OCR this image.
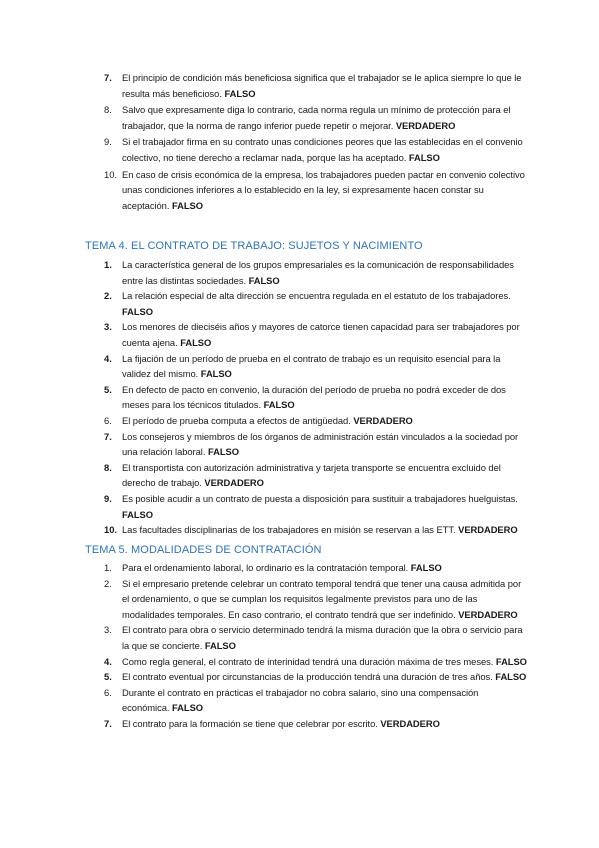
7. El principio de condición más beneficiosa significa que el trabajador se le aplica siempre lo que le resulta más beneficioso. FALSO
8. Salvo que expresamente diga lo contrario, cada norma regula un mínimo de protección para el trabajador, que la norma de rango inferior puede repetir o mejorar. VERDADERO
9. Si el trabajador firma en su contrato unas condiciones peores que las establecidas en el convenio colectivo, no tiene derecho a reclamar nada, porque las ha aceptado. FALSO
10. En caso de crisis económica de la empresa, los trabajadores pueden pactar en convenio colectivo unas condiciones inferiores a lo establecido en la ley, si expresamente hacen constar su aceptación. FALSO
TEMA 4. EL CONTRATO DE TRABAJO: SUJETOS Y NACIMIENTO
1. La característica general de los grupos empresariales es la comunicación de responsabilidades entre las distintas sociedades. FALSO
2. La relación especial de alta dirección se encuentra regulada en el estatuto de los trabajadores. FALSO
3. Los menores de dieciséis años y mayores de catorce tienen capacidad para ser trabajadores por cuenta ajena. FALSO
4. La fijación de un período de prueba en el contrato de trabajo es un requisito esencial para la validez del mismo. FALSO
5. En defecto de pacto en convenio, la duración del período de prueba no podrá exceder de dos meses para los técnicos titulados. FALSO
6. El período de prueba computa a efectos de antigüedad. VERDADERO
7. Los consejeros y miembros de los órganos de administración están vinculados a la sociedad por una relación laboral. FALSO
8. El transportista con autorización administrativa y tarjeta transporte se encuentra excluido del derecho de trabajo. VERDADERO
9. Es posible acudir a un contrato de puesta a disposición para sustituir a trabajadores huelguistas. FALSO
10. Las facultades disciplinarias de los trabajadores en misión se reservan a las ETT. VERDADERO
TEMA 5. MODALIDADES DE CONTRATACIÓN
1. Para el ordenamiento laboral, lo ordinario es la contratación temporal. FALSO
2. Si el empresario pretende celebrar un contrato temporal tendrá que tener una causa admitida por el ordenamiento, o que se cumplan los requisitos legalmente previstos para uno de las modalidades temporales. En caso contrario, el contrato tendrá que ser indefinido. VERDADERO
3. El contrato para obra o servicio determinado tendrá la misma duración que la obra o servicio para la que se concierte. FALSO
4. Como regla general, el contrato de interinidad tendrá una duración máxima de tres meses. FALSO
5. El contrato eventual por circunstancias de la producción tendrá una duración de tres años. FALSO
6. Durante el contrato en prácticas el trabajador no cobra salario, sino una compensación económica. FALSO
7. El contrato para la formación se tiene que celebrar por escrito. VERDADERO
